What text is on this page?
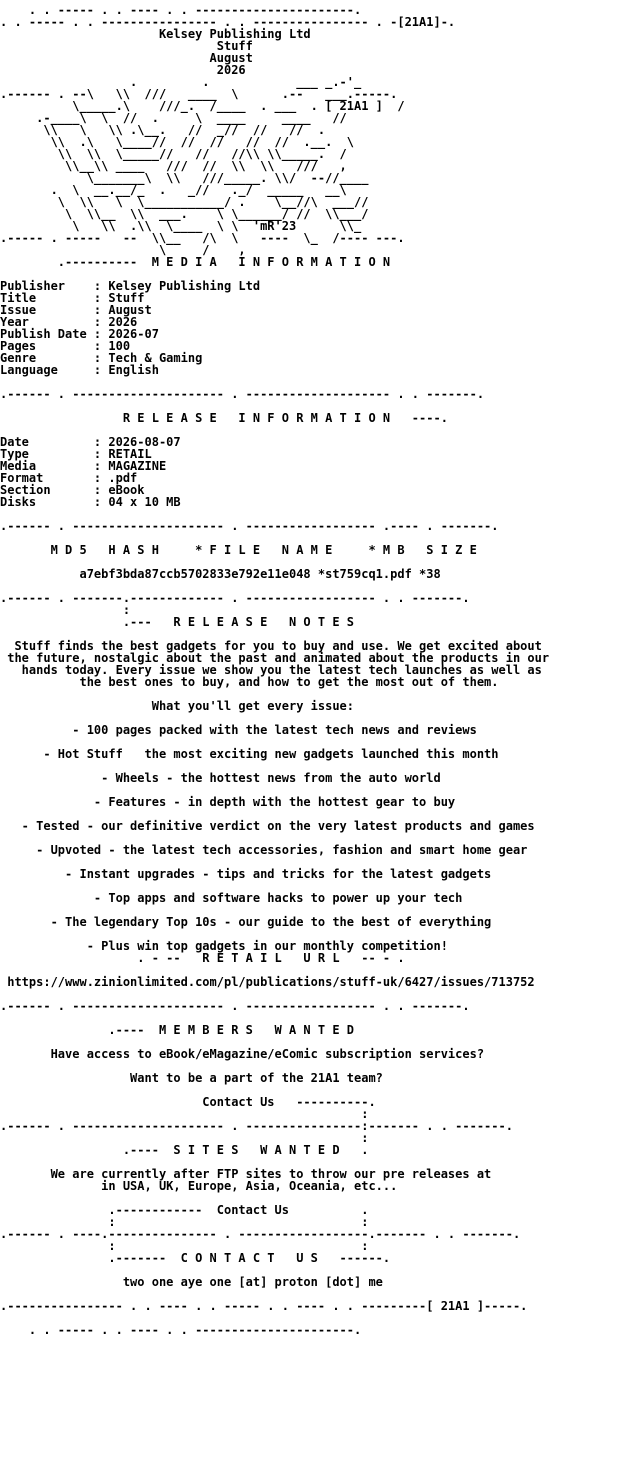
. . ----- . . ---- . . ----------------------.
. . ----- . . ---------------- . . ---------------- . -[21A1]-.
Kelsey Publishing Ltd
Stuff
August
2026
.         .            ___ _.-'_
.------ . --\   \\  ///   ____  \      .--   ___.-----.
\_____.\    ///_.  /____  . ___  . [ 21A1 ]  /
.-____\  \  //  .     \  ____     ____   //
\\   \   \\ .\__.   //  _//  //   //  .
\\  .\   \____//  //  //   //  //  .__.  \
\\  \\  \_____//   //   //\\ \\_____.  /
\\__\\ ____   ///  //  \\  \\   ///   ,
\_______\  \\   ///_____. \\/  --//____
.  \  __.__/_  .   _//   ._/  _____   __\
\  \\   \  \___________/ .    \__//\  ___//
\  \\__  \\  ___.    \ \______/ //  \\___/
\   \\  .\\  \____  \ \  'mR'23      \\_
.----- . -----   --  \\__   /\  \   ----  \_  /---- ---.
\     /    ,
.----------  M E D I A   I N F O R M A T I O N
Publisher    : Kelsey Publishing Ltd
Title        : Stuff
Issue        : August
Year         : 2026
Publish Date : 2026-07
Pages        : 100
Genre        : Tech & Gaming
Language     : English
.------ . --------------------- . -------------------- . . -------.
R E L E A S E   I N F O R M A T I O N   ----.
Date         : 2026-08-07
Type         : RETAIL
Media        : MAGAZINE
Format       : .pdf
Section      : eBook
Disks        : 04 x 10 MB
.------ . --------------------- . ------------------ .---- . -------.
M D 5   H A S H     * F I L E   N A M E     * M B   S I Z E
a7ebf3bda87ccb5702833e792e11e048 *st759cq1.pdf *38
.------ . -------.------------- . ------------------ . . -------.
:
.---   R E L E A S E   N O T E S
Stuff finds the best gadgets for you to buy and use. We get excited about
the future, nostalgic about the past and animated about the products in our
hands today. Every issue we show you the latest tech launches as well as
the best ones to buy, and how to get the most out of them.
What you'll get every issue:
- 100 pages packed with the latest tech news and reviews
- Hot Stuff   the most exciting new gadgets launched this month
- Wheels - the hottest news from the auto world
- Features - in depth with the hottest gear to buy
- Tested - our definitive verdict on the very latest products and games
- Upvoted - the latest tech accessories, fashion and smart home gear
- Instant upgrades - tips and tricks for the latest gadgets
- Top apps and software hacks to power up your tech
- The legendary Top 10s - our guide to the best of everything
- Plus win top gadgets in our monthly competition!
. - --   R E T A I L   U R L   -- - .
https://www.zinionlimited.com/pl/publications/stuff-uk/6427/issues/713752
.------ . --------------------- . ------------------ . . -------.
.----  M E M B E R S   W A N T E D
Have access to eBook/eMagazine/eComic subscription services?
Want to be a part of the 21A1 team?
Contact Us   ----------.
:
.------ . --------------------- . ----------------:------- . . -------.
:
.----  S I T E S   W A N T E D   .
We are currently after FTP sites to throw our pre releases at
in USA, UK, Europe, Asia, Oceania, etc...
.------------  Contact Us          .
:                                  :
.------ . ----.--------------- . ------------------.------- . . -------.
:                                  :
.-------  C O N T A C T   U S   ------.
two one aye one [at] proton [dot] me
.---------------- . . ---- . . ----- . . ---- . . ---------[ 21A1 ]-----.
. . ----- . . ---- . . ----------------------.
